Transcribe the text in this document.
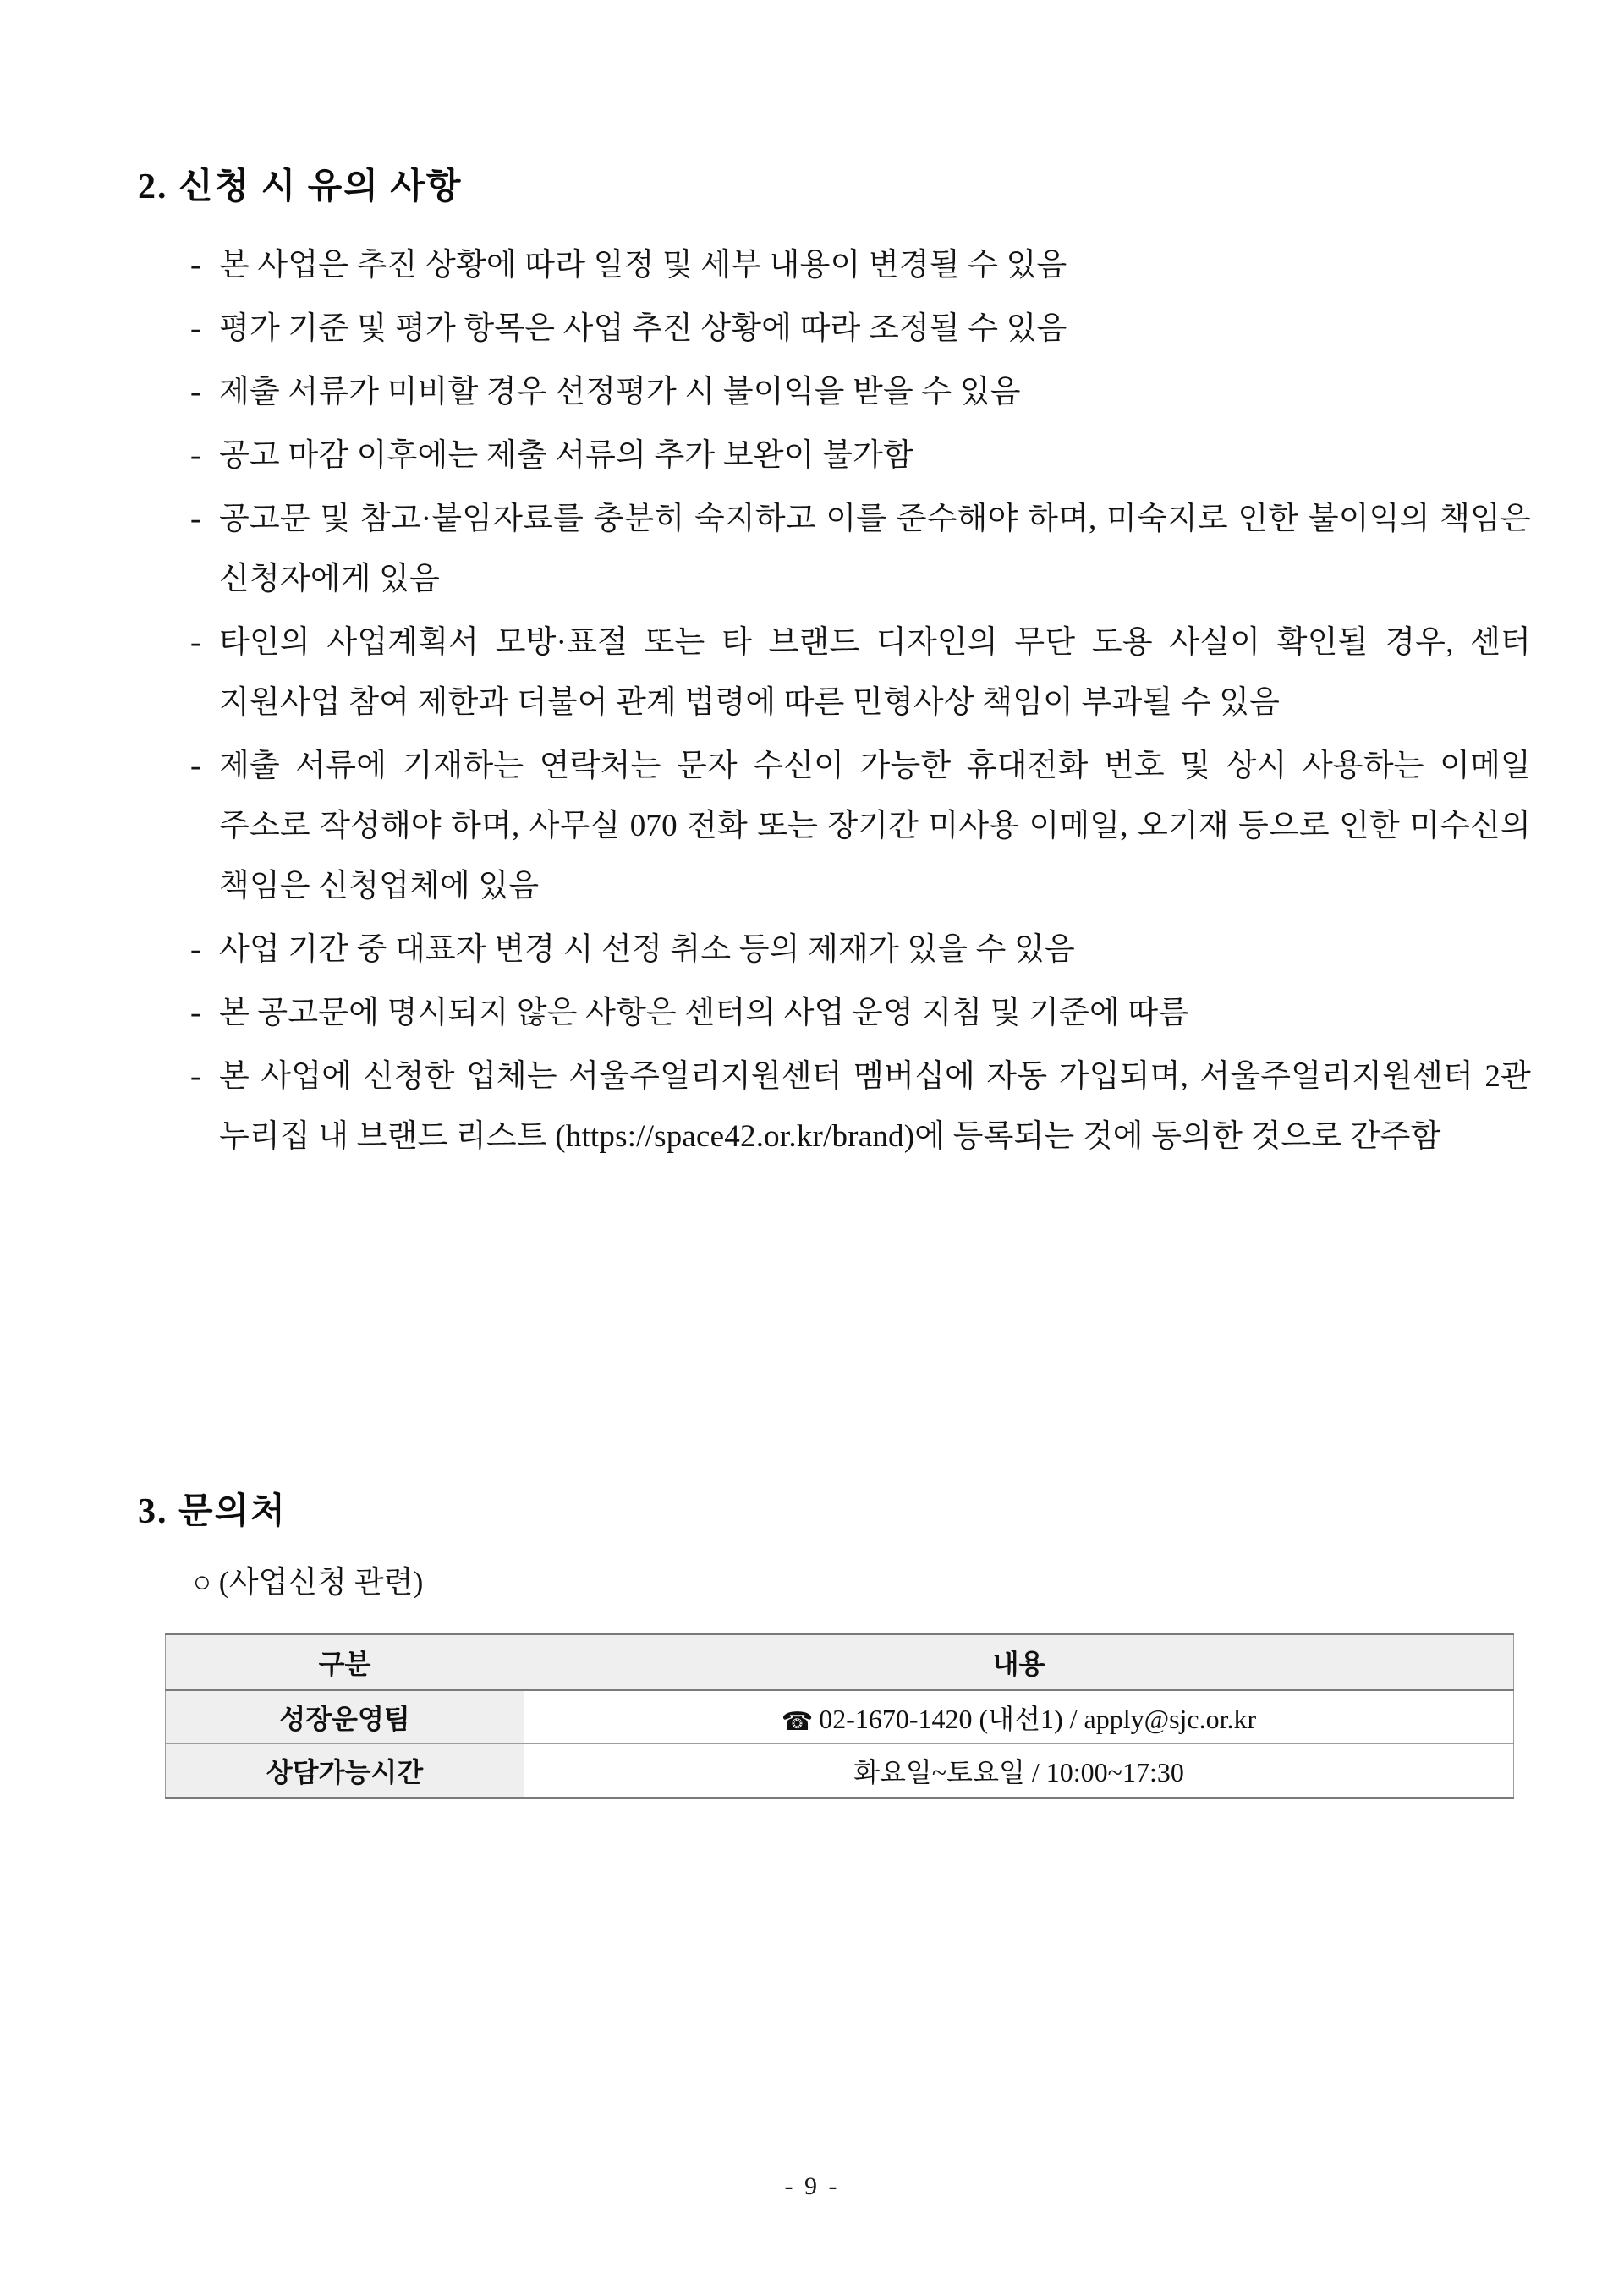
2. 신청 시 유의 사항
- 본 사업은 추진 상황에 따라 일정 및 세부 내용이 변경될 수 있음
- 평가 기준 및 평가 항목은 사업 추진 상황에 따라 조정될 수 있음
- 제출 서류가 미비할 경우 선정평가 시 불이익을 받을 수 있음
- 공고 마감 이후에는 제출 서류의 추가 보완이 불가함
- 공고문 및 참고·붙임자료를 충분히 숙지하고 이를 준수해야 하며, 미숙지로 인한 불이익의 책임은 신청자에게 있음
- 타인의 사업계획서 모방·표절 또는 타 브랜드 디자인의 무단 도용 사실이 확인될 경우, 센터 지원사업 참여 제한과 더불어 관계 법령에 따른 민형사상 책임이 부과될 수 있음
- 제출 서류에 기재하는 연락처는 문자 수신이 가능한 휴대전화 번호 및 상시 사용하는 이메일 주소로 작성해야 하며, 사무실 070 전화 또는 장기간 미사용 이메일, 오기재 등으로 인한 미수신의 책임은 신청업체에 있음
- 사업 기간 중 대표자 변경 시 선정 취소 등의 제재가 있을 수 있음
- 본 공고문에 명시되지 않은 사항은 센터의 사업 운영 지침 및 기준에 따름
- 본 사업에 신청한 업체는 서울주얼리지원센터 멤버십에 자동 가입되며, 서울주얼리지원센터 2관 누리집 내 브랜드 리스트 (https://space42.or.kr/brand)에 등록되는 것에 동의한 것으로 간주함
3. 문의처
○ (사업신청 관련)
구분	내용
성장운영팀	☎ 02-1670-1420 (내선1) / apply@sjc.or.kr
상담가능시간	화요일~토요일 / 10:00~17:30
- 9 -
